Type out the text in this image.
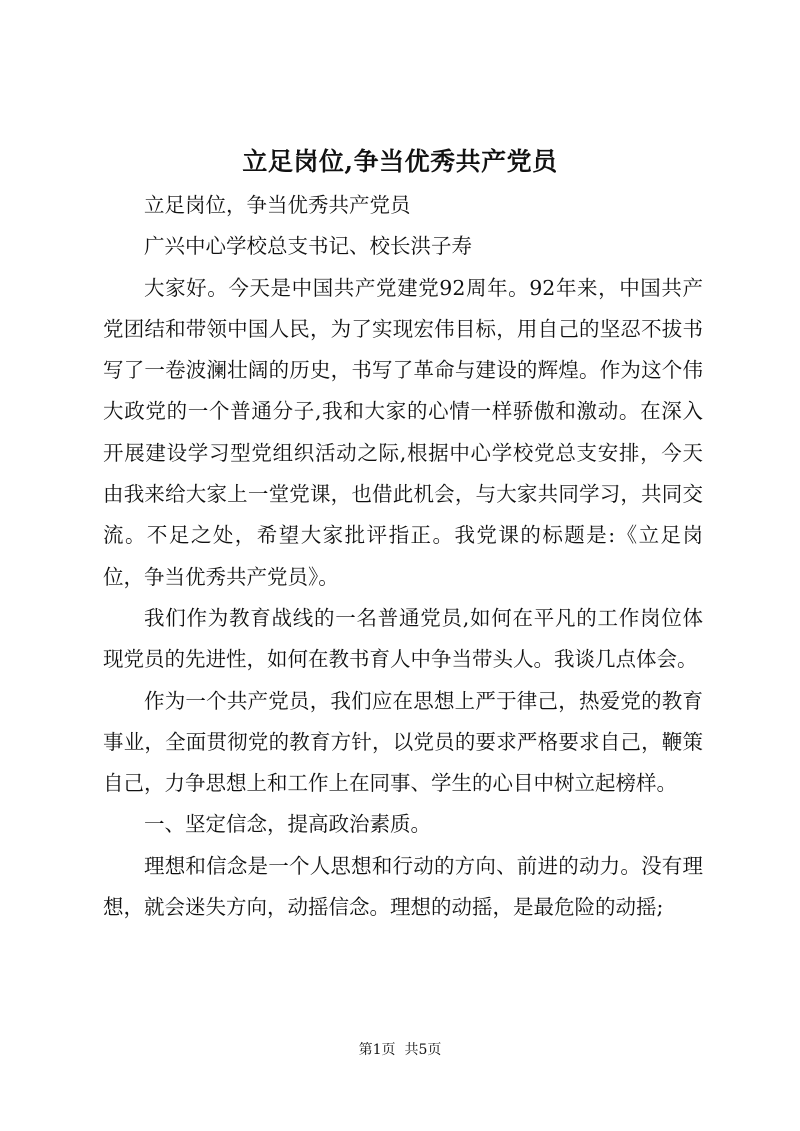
立足岗位,争当优秀共产党员

立足岗位，争当优秀共产党员

广兴中心学校总支书记、校长洪子寿

大家好。今天是中国共产党建党92周年。92年来，中国共产党团结和带领中国人民，为了实现宏伟目标，用自己的坚忍不拔书写了一卷波澜壮阔的历史，书写了革命与建设的辉煌。作为这个伟大政党的一个普通分子,我和大家的心情一样骄傲和激动。在深入开展建设学习型党组织活动之际,根据中心学校党总支安排，今天由我来给大家上一堂党课，也借此机会，与大家共同学习，共同交流。不足之处，希望大家批评指正。我党课的标题是:《立足岗位，争当优秀共产党员》。

我们作为教育战线的一名普通党员,如何在平凡的工作岗位体现党员的先进性，如何在教书育人中争当带头人。我谈几点体会。

作为一个共产党员，我们应在思想上严于律己，热爱党的教育事业，全面贯彻党的教育方针，以党员的要求严格要求自己，鞭策自己，力争思想上和工作上在同事、学生的心目中树立起榜样。

一、坚定信念，提高政治素质。

理想和信念是一个人思想和行动的方向、前进的动力。没有理想，就会迷失方向，动摇信念。理想的动摇，是最危险的动摇;

第1页  共5页
